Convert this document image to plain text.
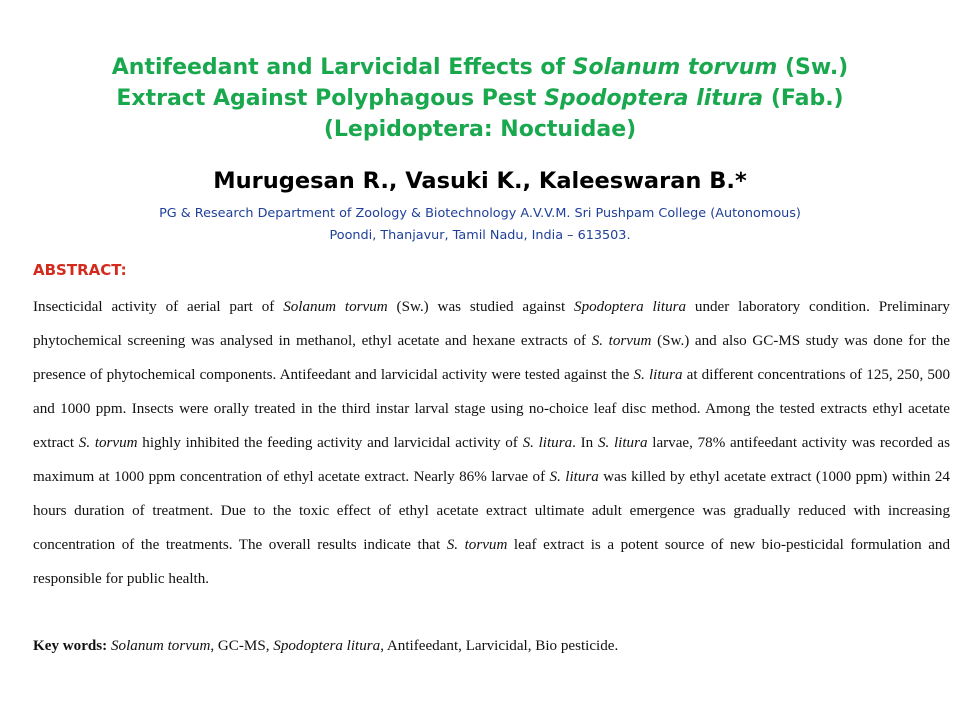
Antifeedant and Larvicidal Effects of Solanum torvum (Sw.)
Extract Against Polyphagous Pest Spodoptera litura (Fab.)
(Lepidoptera: Noctuidae)
Murugesan R., Vasuki K., Kaleeswaran B.*
PG & Research Department of Zoology & Biotechnology A.V.V.M. Sri Pushpam College (Autonomous)
Poondi, Thanjavur, Tamil Nadu, India – 613503.
ABSTRACT:

Insecticidal activity of aerial part of Solanum torvum (Sw.) was studied against Spodoptera litura under laboratory condition. Preliminary phytochemical screening was analysed in methanol, ethyl acetate and hexane extracts of S. torvum (Sw.) and also GC-MS study was done for the presence of phytochemical components. Antifeedant and larvicidal activity were tested against the S. litura at different concentrations of 125, 250, 500 and 1000 ppm. Insects were orally treated in the third instar larval stage using no-choice leaf disc method. Among the tested extracts ethyl acetate extract S. torvum highly inhibited the feeding activity and larvicidal activity of S. litura. In S. litura larvae, 78% antifeedant activity was recorded as maximum at 1000 ppm concentration of ethyl acetate extract. Nearly 86% larvae of S. litura was killed by ethyl acetate extract (1000 ppm) within 24 hours duration of treatment. Due to the toxic effect of ethyl acetate extract ultimate adult emergence was gradually reduced with increasing concentration of the treatments. The overall results indicate that S. torvum leaf extract is a potent source of new bio-pesticidal formulation and responsible for public health.

Key words: Solanum torvum, GC-MS, Spodoptera litura, Antifeedant, Larvicidal, Bio pesticide.
